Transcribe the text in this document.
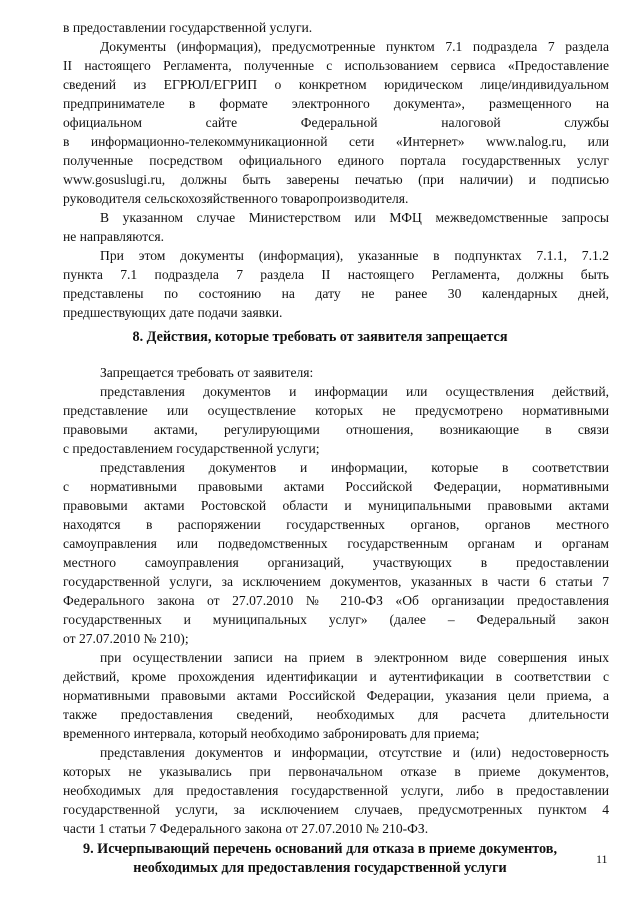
в предоставлении государственной услуги.
Документы (информация), предусмотренные пунктом 7.1 подраздела 7 раздела
II настоящего Регламента, полученные с использованием сервиса «Предоставление
сведений из ЕГРЮЛ/ЕГРИП о конкретном юридическом лице/индивидуальном
предпринимателе в формате электронного документа», размещенного на
официальном сайте Федеральной налоговой службы
в информационно-телекоммуникационной сети «Интернет» www.nalog.ru, или
полученные посредством официального единого портала государственных услуг
www.gosuslugi.ru, должны быть заверены печатью (при наличии) и подписью
руководителя сельскохозяйственного товаропроизводителя.
В указанном случае Министерством или МФЦ межведомственные запросы
не направляются.
При этом документы (информация), указанные в подпунктах 7.1.1, 7.1.2
пункта 7.1 подраздела 7 раздела II настоящего Регламента, должны быть
представлены по состоянию на дату не ранее 30 календарных дней,
предшествующих дате подачи заявки.
8. Действия, которые требовать от заявителя запрещается
Запрещается требовать от заявителя:
представления документов и информации или осуществления действий,
представление или осуществление которых не предусмотрено нормативными
правовыми актами, регулирующими отношения, возникающие в связи
с предоставлением государственной услуги;
представления документов и информации, которые в соответствии
с нормативными правовыми актами Российской Федерации, нормативными
правовыми актами Ростовской области и муниципальными правовыми актами
находятся в распоряжении государственных органов, органов местного
самоуправления или подведомственных государственным органам и органам
местного самоуправления организаций, участвующих в предоставлении
государственной услуги, за исключением документов, указанных в части 6 статьи 7
Федерального закона от 27.07.2010 № 210-ФЗ «Об организации предоставления
государственных и муниципальных услуг» (далее – Федеральный закон
от 27.07.2010 № 210);
при осуществлении записи на прием в электронном виде совершения иных
действий, кроме прохождения идентификации и аутентификации в соответствии с
нормативными правовыми актами Российской Федерации, указания цели приема, а
также предоставления сведений, необходимых для расчета длительности
временного интервала, который необходимо забронировать для приема;
представления документов и информации, отсутствие и (или) недостоверность
которых не указывались при первоначальном отказе в приеме документов,
необходимых для предоставления государственной услуги, либо в предоставлении
государственной услуги, за исключением случаев, предусмотренных пунктом 4
части 1 статьи 7 Федерального закона от 27.07.2010 № 210-ФЗ.
9. Исчерпывающий перечень оснований для отказа в приеме документов,
необходимых для предоставления государственной услуги
11
